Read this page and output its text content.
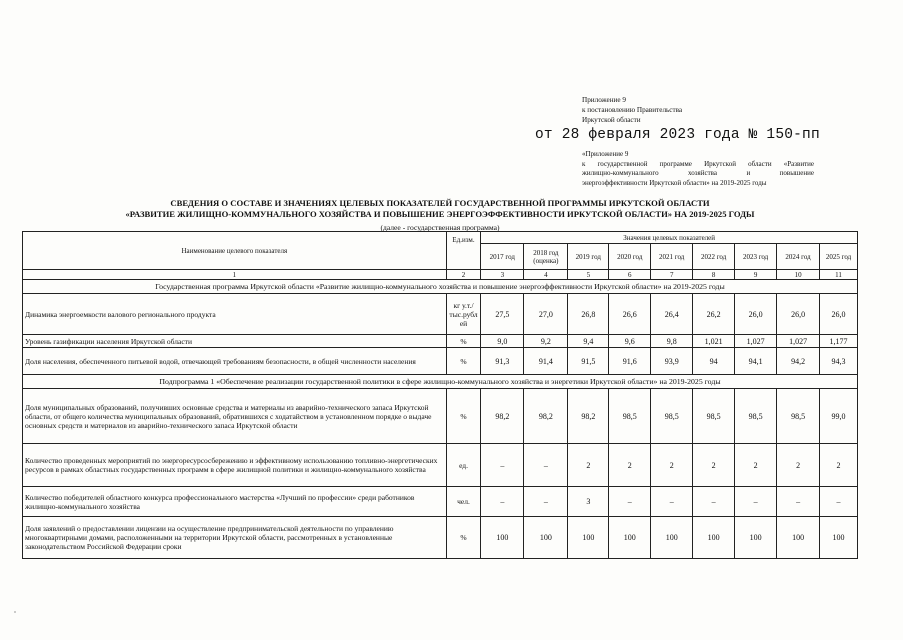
Приложение 9
к постановлению Правительства
Иркутской области
от 28 февраля 2023 года № 150-пп
«Приложение 9
к государственной программе Иркутской области «Развитие
жилищно-коммунального хозяйства и повышение
энергоэффективности Иркутской области» на 2019-2025 годы
СВЕДЕНИЯ О СОСТАВЕ И ЗНАЧЕНИЯХ ЦЕЛЕВЫХ ПОКАЗАТЕЛЕЙ ГОСУДАРСТВЕННОЙ ПРОГРАММЫ ИРКУТСКОЙ ОБЛАСТИ
«РАЗВИТИЕ ЖИЛИЩНО-КОММУНАЛЬНОГО ХОЗЯЙСТВА И ПОВЫШЕНИЕ ЭНЕРГОЭФФЕКТИВНОСТИ ИРКУТСКОЙ ОБЛАСТИ» НА 2019-2025 ГОДЫ
(далее - государственная программа)
Наименование целевого показателя	Ед.изм.	Значения целевых показателей								
		2017 год	2018 год (оценка)	2019 год	2020 год	2021 год	2022 год	2023 год	2024 год	2025 год
1	2	3	4	5	6	7	8	9	10	11
Государственная программа Иркутской области «Развитие жилищно-коммунального хозяйства и повышение энергоэффективности Иркутской области» на 2019-2025 годы										
Динамика энергоемкости валового регионального продукта	кг у.т./ тыс.рубл ей	27,5	27,0	26,8	26,6	26,4	26,2	26,0	26,0	26,0
Уровень газификации населения Иркутской области	%	9,0	9,2	9,4	9,6	9,8	1,021	1,027	1,027	1,177
Доля населения, обеспеченного питьевой водой, отвечающей требованиям безопасности, в общей численности населения	%	91,3	91,4	91,5	91,6	93,9	94	94,1	94,2	94,3
Подпрограмма 1 «Обеспечение реализации государственной политики в сфере жилищно-коммунального хозяйства и энергетики Иркутской области» на 2019-2025 годы										
Доля муниципальных образований, получивших основные средства и материалы из аварийно-технического запаса Иркутской области, от общего количества муниципальных образований, обратившихся с ходатайством в установленном порядке о выдаче основных средств и материалов из аварийно-технического запаса Иркутской области	%	98,2	98,2	98,2	98,5	98,5	98,5	98,5	98,5	99,0
Количество проведенных мероприятий по энергоресурсосбережению и эффективному использованию топливно-энергетических ресурсов в рамках областных государственных программ в сфере жилищной политики и жилищно-коммунального хозяйства	ед.	–	–	2	2	2	2	2	2	2
Количество победителей областного конкурса профессионального мастерства «Лучший по профессии» среди работников жилищно-коммунального хозяйства	чел.	–	–	3	–	–	–	–	–	–
Доля заявлений о предоставлении лицензии на осуществление предпринимательской деятельности по управлению многоквартирными домами, расположенными на территории Иркутской области, рассмотренных в установленные законодательством Российской Федерации сроки	%	100	100	100	100	100	100	100	100	100
